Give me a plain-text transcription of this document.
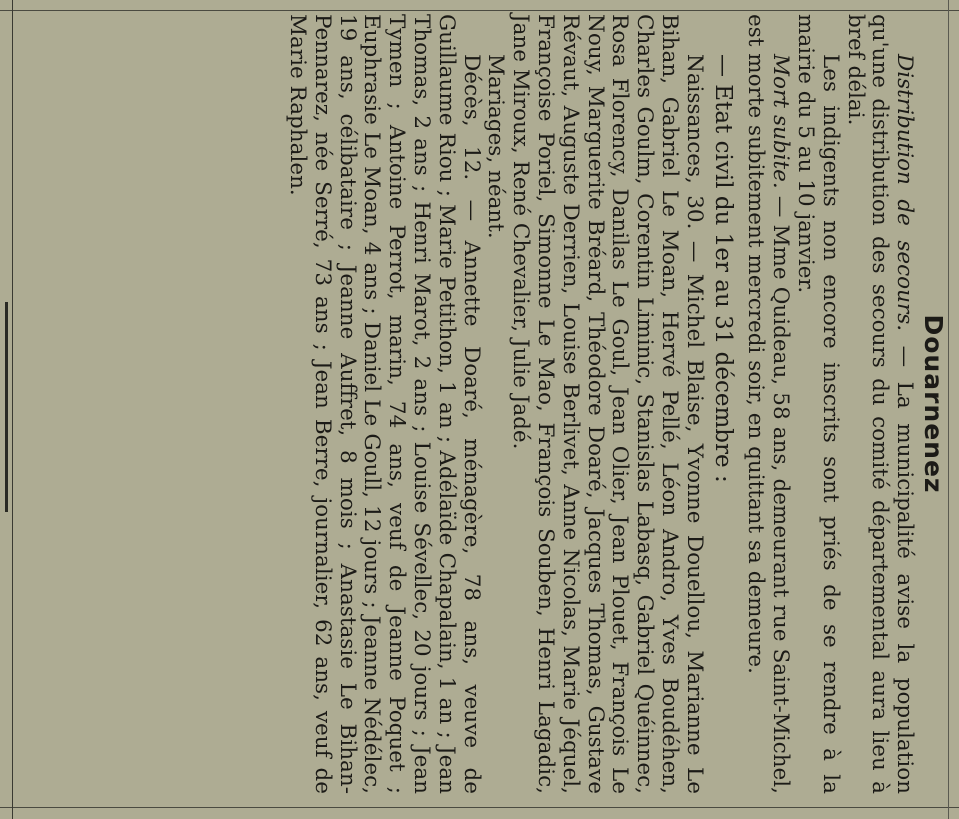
Douarnenez

Distribution de secours. — La municipalité avise la population qu'une distribution des secours du comité départemental aura lieu à bref délai.

Les indigents non encore inscrits sont priés de se rendre à la mairie du 5 au 10 janvier.

Mort subite. — Mme Quideau, 58 ans, demeurant rue Saint-Michel, est morte subitement mercredi soir, en quittant sa demeure.

— Etat civil du 1er au 31 décembre :

Naissances, 30. — Michel Blaise, Yvonne Douellou, Marianne Le Bihan, Gabriel Le Moan, Hervé Pellé, Léon Andro, Yves Boudéhen, Charles Goulm, Corentin Liminic, Stanislas Labasq, Gabriel Quéinnec, Rosa Florency, Danilas Le Goul, Jean Olier, Jean Plouet, François Le Nouy, Marguerite Bréard, Théodore Doaré, Jacques Thomas, Gustave Révaut, Auguste Derrien, Louise Berlivet, Anne Nicolas, Marie Jéquel, Françoise Poriel, Simonne Le Mao, François Souben, Henri Lagadic, Jane Miroux, René Chevalier, Julie Jadé.

Mariages, néant.

Décès, 12. — Annette Doaré, ménagère, 78 ans, veuve de Guillaume Riou ; Marie Petithon, 1 an ; Adélaïde Chapalain, 1 an ; Jean Thomas, 2 ans ; Henri Marot, 2 ans ; Louise Sévellec, 20 jours ; Jean Tymen ; Antoine Perrot, marin, 74 ans, veuf de Jeanne Poquet ; Euphrasie Le Moan, 4 ans ; Daniel Le Goull, 12 jours ; Jeanne Nédélec, 19 ans, célibataire ; Jeanne Auffret, 8 mois ; Anastasie Le Bihan-Pennarez, née Serré, 73 ans ; Jean Berre, journalier, 62 ans, veuf de Marie Raphalen.
